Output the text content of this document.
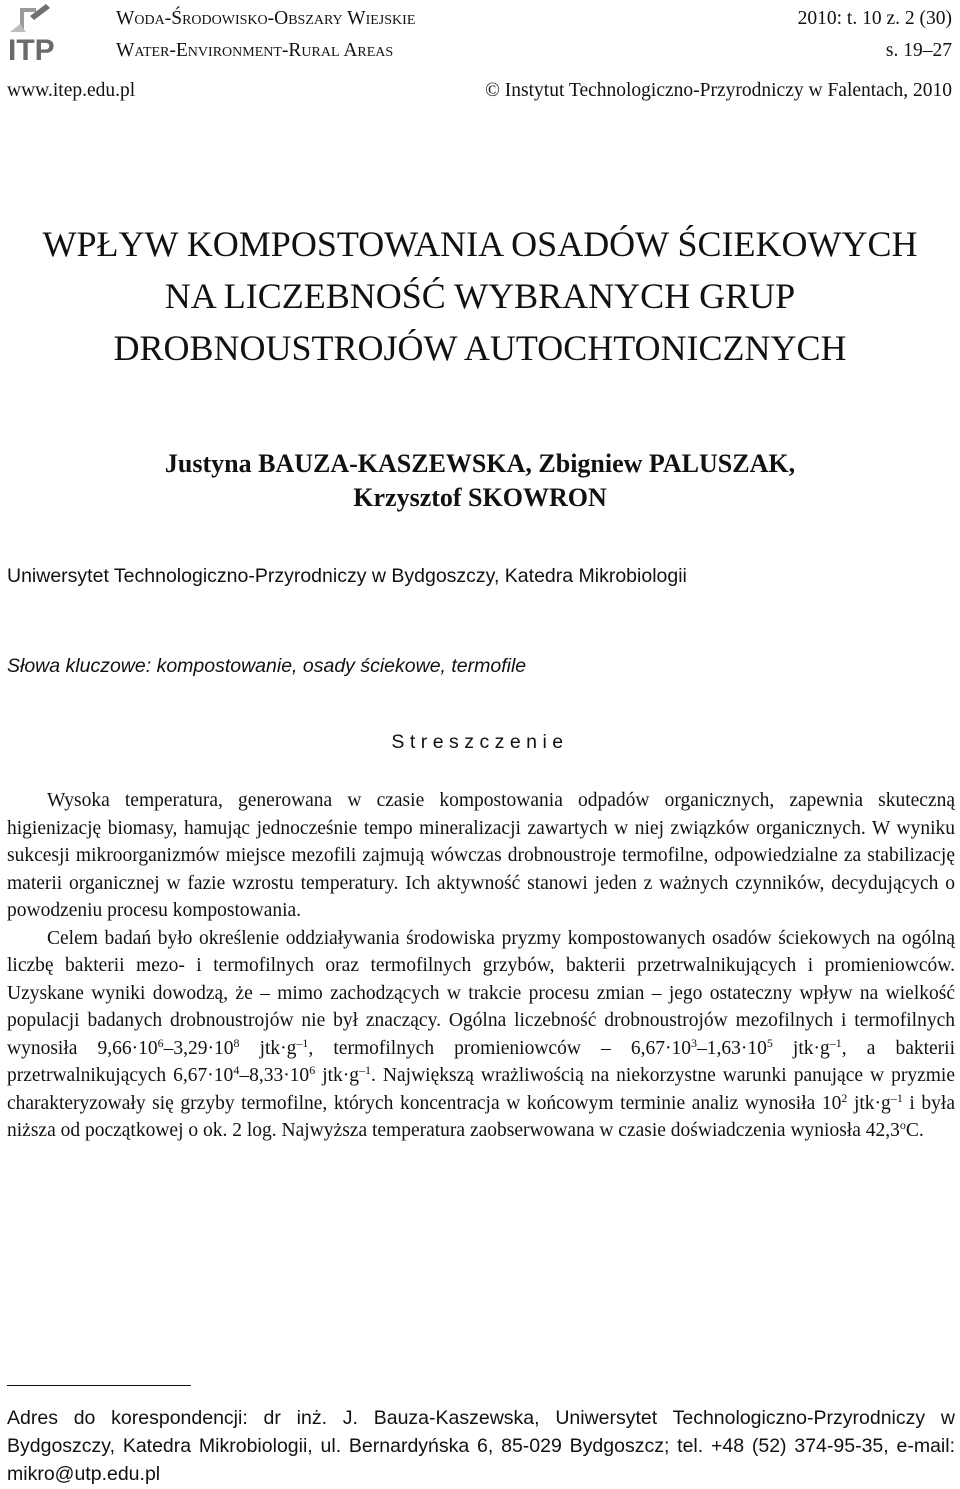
ITP
Woda-Środowisko-Obszary Wiejskie
Water-Environment-Rural Areas
2010: t. 10 z. 2 (30)
s. 19–27
www.itep.edu.pl	© Instytut Technologiczno-Przyrodniczy w Falentach, 2010
WPŁYW KOMPOSTOWANIA OSADÓW ŚCIEKOWYCH
NA LICZEBNOŚĆ WYBRANYCH GRUP
DROBNOUSTROJÓW AUTOCHTONICZNYCH
Justyna BAUZA-KASZEWSKA, Zbigniew PALUSZAK,
Krzysztof SKOWRON
Uniwersytet Technologiczno-Przyrodniczy w Bydgoszczy, Katedra Mikrobiologii
Słowa kluczowe: kompostowanie, osady ściekowe, termofile
Streszczenie

Wysoka temperatura, generowana w czasie kompostowania odpadów organicznych, zapewnia skuteczną higienizację biomasy, hamując jednocześnie tempo mineralizacji zawartych w niej związków organicznych. W wyniku sukcesji mikroorganizmów miejsce mezofili zajmują wówczas drobnoustroje termofilne, odpowiedzialne za stabilizację materii organicznej w fazie wzrostu temperatury. Ich aktywność stanowi jeden z ważnych czynników, decydujących o powodzeniu procesu kompostowania.

Celem badań było określenie oddziaływania środowiska pryzmy kompostowanych osadów ściekowych na ogólną liczbę bakterii mezo- i termofilnych oraz termofilnych grzybów, bakterii przetrwalnikujących i promieniowców. Uzyskane wyniki dowodzą, że – mimo zachodzących w trakcie procesu zmian – jego ostateczny wpływ na wielkość populacji badanych drobnoustrojów nie był znaczący. Ogólna liczebność drobnoustrojów mezofilnych i termofilnych wynosiła $9,66\cdot 10^6-3,29\cdot 10^8$ $jtk\cdot g^{-1}$, termofilnych promieniowców – $6,67\cdot 10^3-1,63\cdot 10^5$ $jtk\cdot g^{-1}$, a bakterii przetrwalnikujących $6,67\cdot 10^4-8,33\cdot 10^6$ $jtk\cdot g^{-1}$. Największą wrażliwością na niekorzystne warunki panujące w pryzmie charakteryzowały się grzyby termofilne, których koncentracja w końcowym terminie analiz wynosiła $10^2$ $jtk\cdot g^{-1}$ i była niższa od początkowej o ok. 2 log. Najwyższa temperatura zaobserwowana w czasie doświadczenia wyniosła 42,3$^o$C.

Adres do korespondencji: dr inż. J. Bauza-Kaszewska, Uniwersytet Technologiczno-Przyrodniczy w Bydgoszczy, Katedra Mikrobiologii, ul. Bernardyńska 6, 85-029 Bydgoszcz; tel. +48 (52) 374-95-35, e-mail: mikro@utp.edu.pl
